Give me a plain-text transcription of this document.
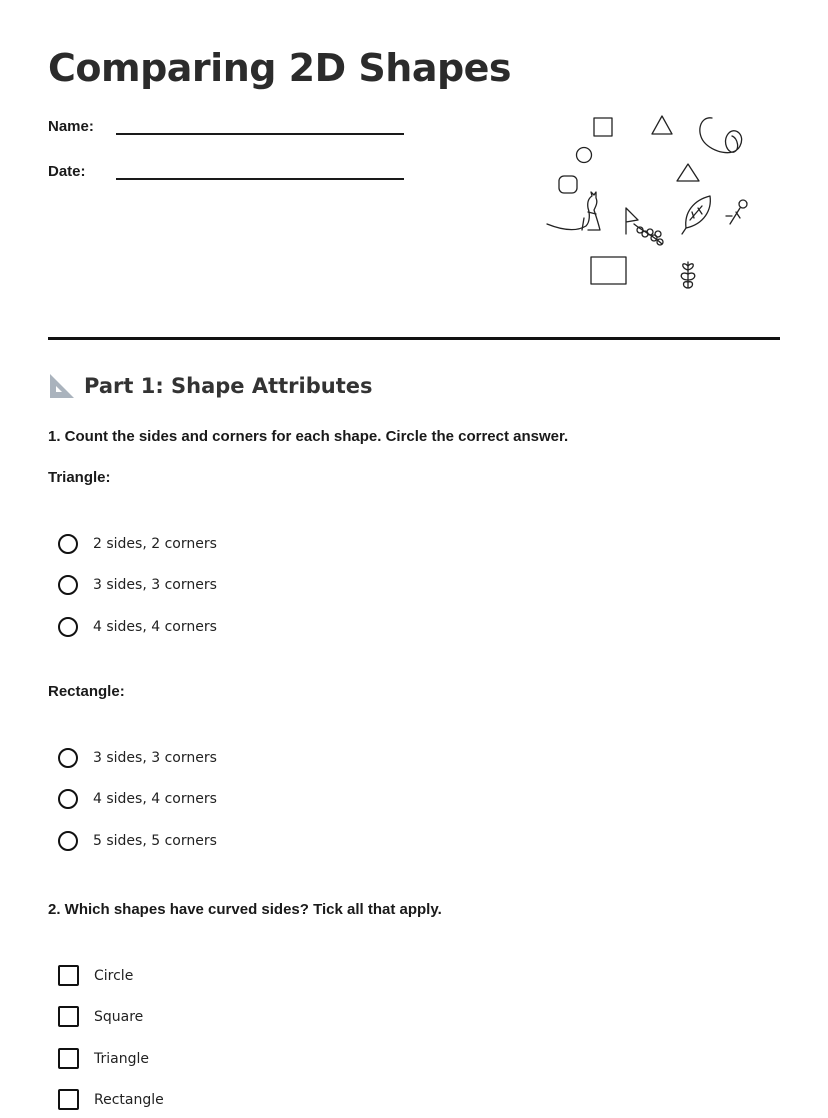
Comparing 2D Shapes
Name:
Date:
Part 1: Shape Attributes
1. Count the sides and corners for each shape. Circle the correct answer.
Triangle:
2 sides, 2 corners
3 sides, 3 corners
4 sides, 4 corners
Rectangle:
3 sides, 3 corners
4 sides, 4 corners
5 sides, 5 corners
2. Which shapes have curved sides? Tick all that apply.
Circle
Square
Triangle
Rectangle
